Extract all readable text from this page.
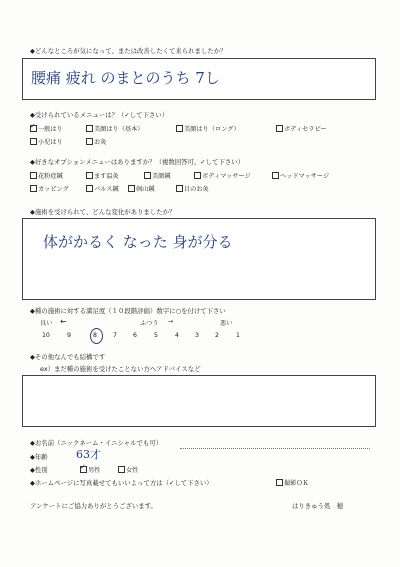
◆どんなところが気になって、または改善したくて来られましたか？
腰痛 疲れ のまとのうち 7し
◆受けられているメニューは？（✓して下さい）
✓一般はり	美顔はり（基本）	美顔はり（ロング）	ボディセラピー
小児はり	お灸
◆好きなオプションメニューはありますか？（複数回答可、✓して下さい）
花粉症鍼	ます温灸	美顔鍼	ボディマッサージ	ヘッドマッサージ
カッピング	パルス鍼	剣山鍼	目のお灸
◆施術を受けられて、どんな変化がありましたか？
体がかるく なった 身が分る
◆種の施術に対する満足度（１０段階評価）数字に○を付けて下さい
良い ←	ふつう →	悪い
10	9	8	7	6	5	4	3	2	1
◆その他なんでも結構です
ex）まだ種の施術を受けたことない方へアドバイスなど
◆お名前（ニックネーム・イニシャルでも可）
◆年齢	63才
◆性別
✓	男性	女性
◆ホームページに写真載せてもいいよって方は（✓して下さい）	撮影ＯＫ
アンケートにご協力ありがとうございます。	はりきゅう処　穂
